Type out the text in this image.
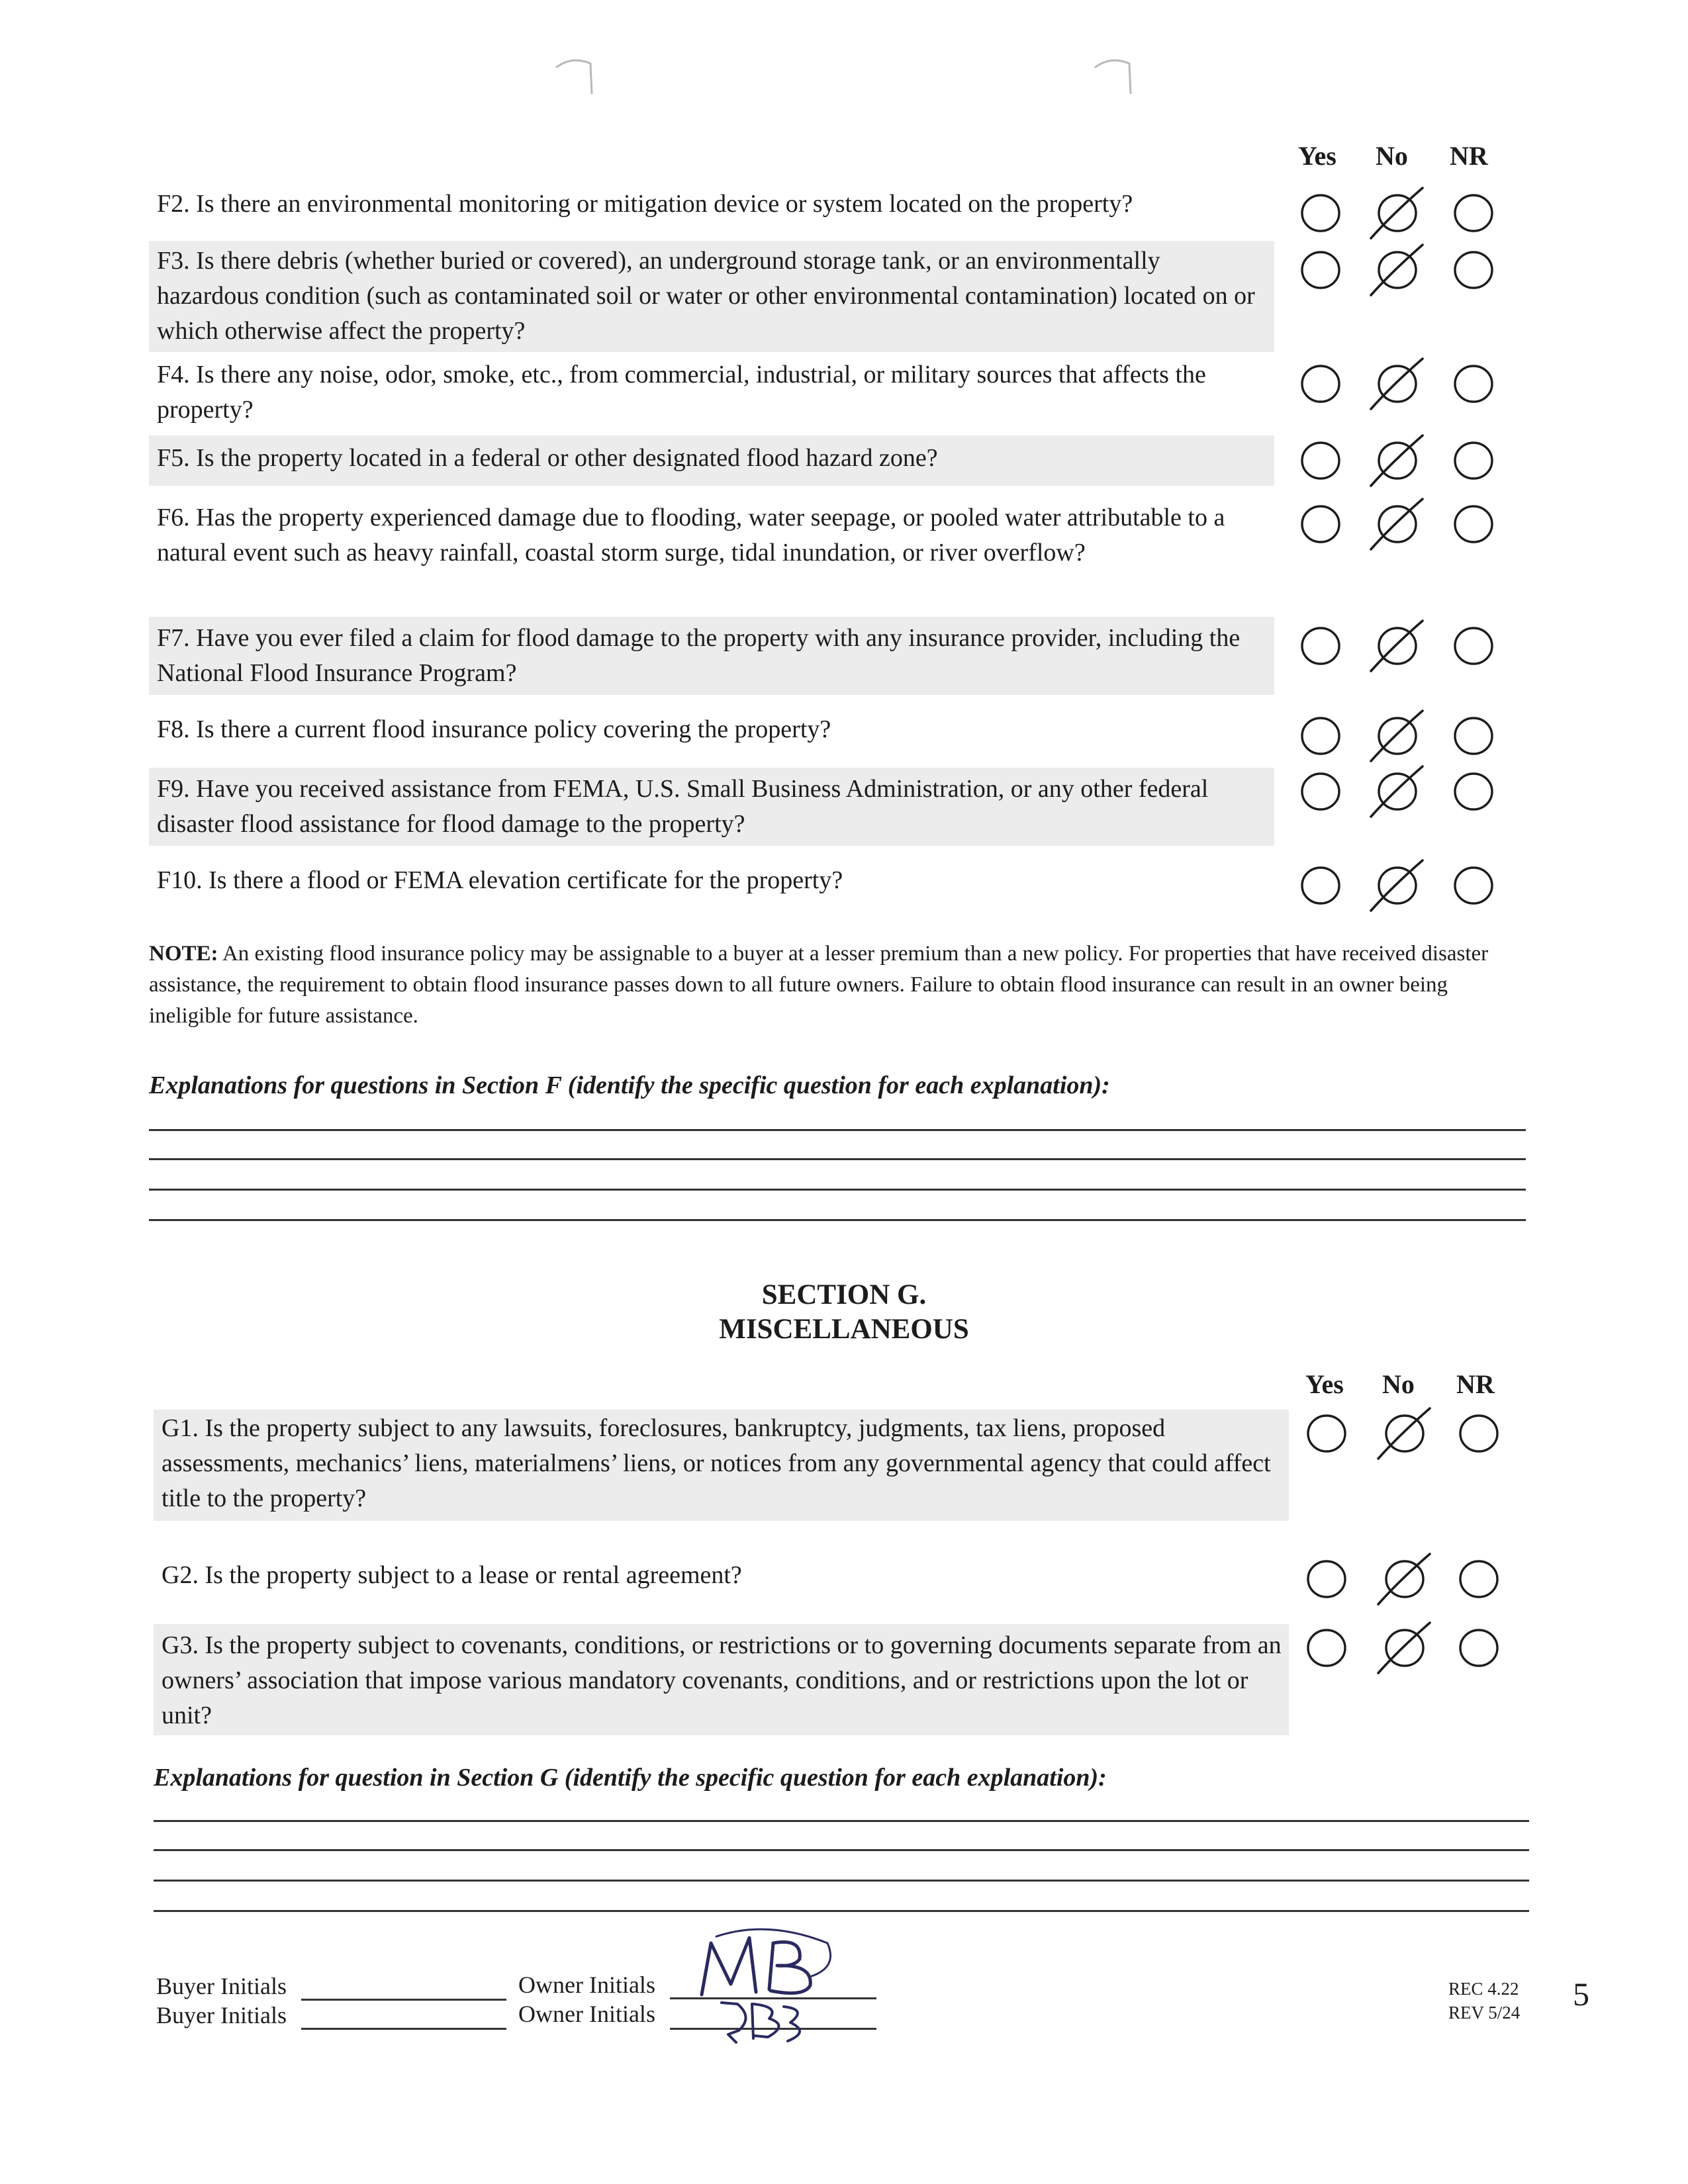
Yes No NR
F2. Is there an environmental monitoring or mitigation device or system located on the property?
F3. Is there debris (whether buried or covered), an underground storage tank, or an environmentally hazardous condition (such as contaminated soil or water or other environmental contamination) located on or which otherwise affect the property?
F4. Is there any noise, odor, smoke, etc., from commercial, industrial, or military sources that affects the property?
F5. Is the property located in a federal or other designated flood hazard zone?
F6. Has the property experienced damage due to flooding, water seepage, or pooled water attributable to a natural event such as heavy rainfall, coastal storm surge, tidal inundation, or river overflow?
F7. Have you ever filed a claim for flood damage to the property with any insurance provider, including the National Flood Insurance Program?
F8. Is there a current flood insurance policy covering the property?
F9. Have you received assistance from FEMA, U.S. Small Business Administration, or any other federal disaster flood assistance for flood damage to the property?
F10. Is there a flood or FEMA elevation certificate for the property?
NOTE: An existing flood insurance policy may be assignable to a buyer at a lesser premium than a new policy. For properties that have received disaster assistance, the requirement to obtain flood insurance passes down to all future owners. Failure to obtain flood insurance can result in an owner being ineligible for future assistance.
Explanations for questions in Section F (identify the specific question for each explanation):
SECTION G.
MISCELLANEOUS
Yes No NR
G1. Is the property subject to any lawsuits, foreclosures, bankruptcy, judgments, tax liens, proposed assessments, mechanics’ liens, materialmens’ liens, or notices from any governmental agency that could affect title to the property?
G2. Is the property subject to a lease or rental agreement?
G3. Is the property subject to covenants, conditions, or restrictions or to governing documents separate from an owners’ association that impose various mandatory covenants, conditions, and or restrictions upon the lot or unit?
Explanations for question in Section G (identify the specific question for each explanation):
Buyer Initials
Buyer Initials
Owner Initials
Owner Initials
REC 4.22
REV 5/24 5
